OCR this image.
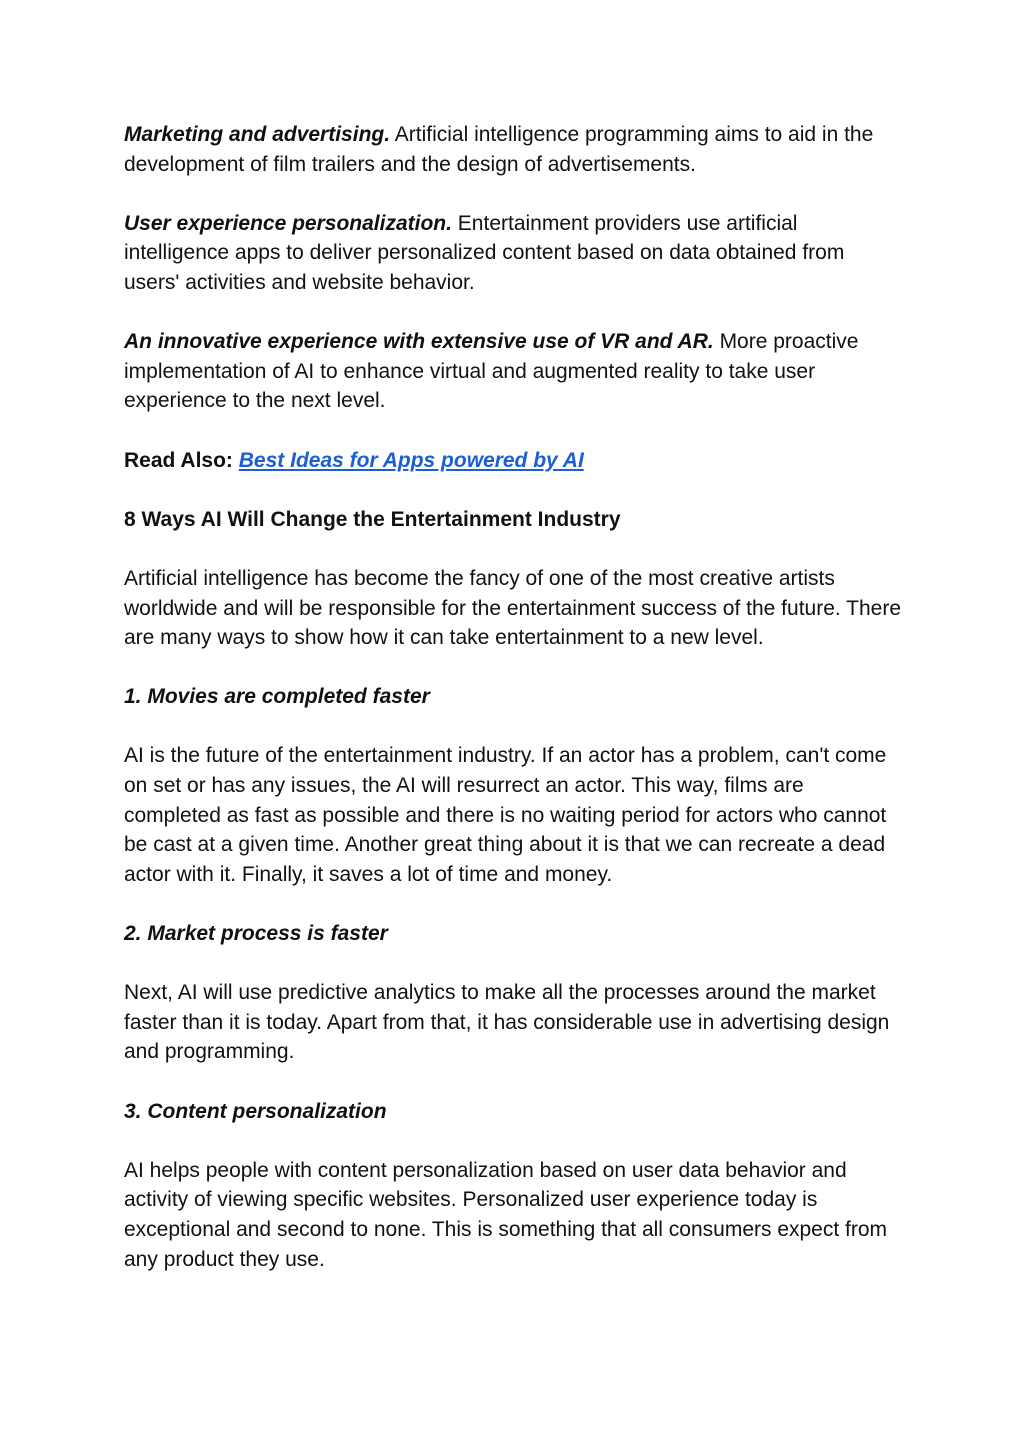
Marketing and advertising. Artificial intelligence programming aims to aid in the development of film trailers and the design of advertisements.

User experience personalization. Entertainment providers use artificial intelligence apps to deliver personalized content based on data obtained from users' activities and website behavior.

An innovative experience with extensive use of VR and AR. More proactive implementation of AI to enhance virtual and augmented reality to take user experience to the next level.

Read Also: Best Ideas for Apps powered by AI

8 Ways AI Will Change the Entertainment Industry

Artificial intelligence has become the fancy of one of the most creative artists worldwide and will be responsible for the entertainment success of the future. There are many ways to show how it can take entertainment to a new level.

1. Movies are completed faster

AI is the future of the entertainment industry. If an actor has a problem, can't come on set or has any issues, the AI will resurrect an actor. This way, films are completed as fast as possible and there is no waiting period for actors who cannot be cast at a given time. Another great thing about it is that we can recreate a dead actor with it. Finally, it saves a lot of time and money.

2. Market process is faster

Next, AI will use predictive analytics to make all the processes around the market faster than it is today. Apart from that, it has considerable use in advertising design and programming.

3. Content personalization

AI helps people with content personalization based on user data behavior and activity of viewing specific websites. Personalized user experience today is exceptional and second to none. This is something that all consumers expect from any product they use.
